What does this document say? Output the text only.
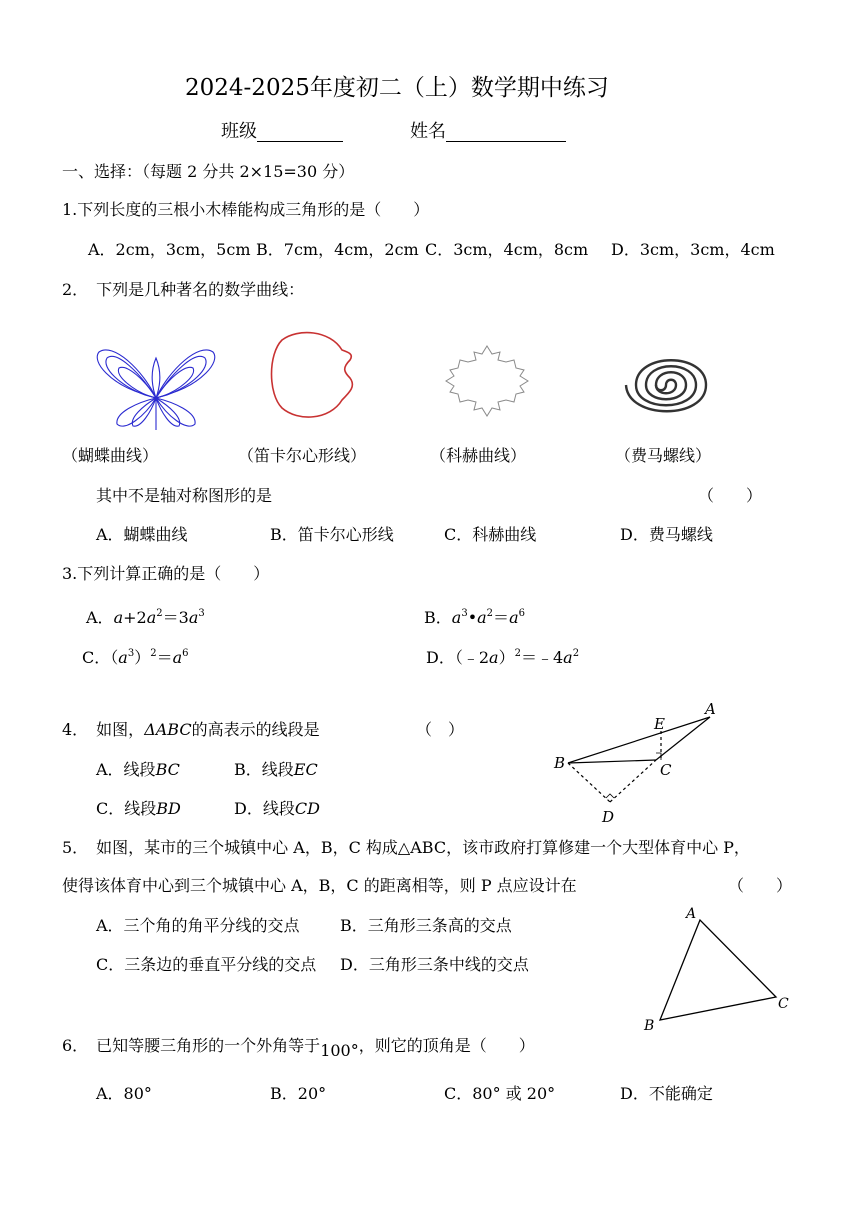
2024-2025年度初二（上）数学期中练习
班级	姓名
一、选择：（每题 2 分共 2×15=30 分）
1.下列长度的三根小木棒能构成三角形的是（　　）
A．2cm，3cm，5cm B．7cm，4cm，2cm C．3cm，4cm，8cm D．3cm，3cm，4cm
2．　下列是几种著名的数学曲线：
（蝴蝶曲线）	（笛卡尔心形线）	（科赫曲线）	（费马螺线）
其中不是轴对称图形的是	（　　）
A．蝴蝶曲线	B．笛卡尔心形线	C．科赫曲线	D．费马螺线
3.下列计算正确的是（　　）
A．$a+2a^2=3a^3$	B．$a^3•a^2=a^6$
C．$(a^3)^2=a^6$	D．$(﹣2a)^2=﹣4a^2$
4．　如图，ΔABC的高表示的线段是	（　）
A．线段BC	B．线段EC
C．线段BD	D．线段CD
A
B	C
D
E
5．　如图，某市的三个城镇中心 A，B，C 构成△ABC，该市政府打算修建一个大型体育中心 P，
使得该体育中心到三个城镇中心 A，B，C 的距离相等，则 P 点应设计在	（　　）
A．三个角的角平分线的交点	B．三角形三条高的交点
C．三条边的垂直平分线的交点 D．三角形三条中线的交点
A
B
C
6．　已知等腰三角形的一个外角等于100°，则它的顶角是（　　）
A．80°	B．20°	C．80° 或 20°	D．不能确定
